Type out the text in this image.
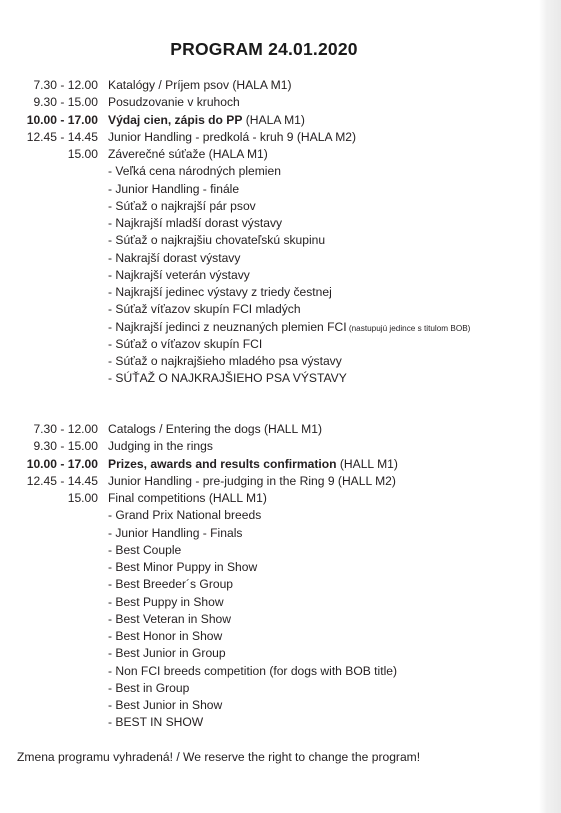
PROGRAM 24.01.2020
7.30 - 12.00 Katalógy / Príjem psov (HALA M1)
9.30 - 15.00 Posudzovanie v kruhoch
10.00 - 17.00 Výdaj cien, zápis do PP (HALA M1)
12.45 - 14.45 Junior Handling - predkolá - kruh 9 (HALA M2)
15.00 Záverečné súťaže (HALA M1)
- Veľká cena národných plemien
- Junior Handling - finále
- Súťaž o najkrajší pár psov
- Najkrajší mladší dorast výstavy
- Súťaž o najkrajšiu chovateľskú skupinu
- Nakrajší dorast výstavy
- Najkrajší veterán výstavy
- Najkrajší jedinec výstavy z triedy čestnej
- Súťaž víťazov skupín FCI mladých
- Najkrajší jedinci z neuznaných plemien FCI (nastupujú jedince s titulom BOB)
- Súťaž o víťazov skupín FCI
- Súťaž o najkrajšieho mladého psa výstavy
- SÚŤAŽ O NAJKRAJŠIEHO PSA VÝSTAVY
7.30 - 12.00 Catalogs / Entering the dogs (HALL M1)
9.30 - 15.00 Judging in the rings
10.00 - 17.00 Prizes, awards and results confirmation (HALL M1)
12.45 - 14.45 Junior Handling - pre-judging in the Ring 9 (HALL M2)
15.00 Final competitions (HALL M1)
- Grand Prix National breeds
- Junior Handling - Finals
- Best Couple
- Best Minor Puppy in Show
- Best Breeder´s Group
- Best Puppy in Show
- Best Veteran in Show
- Best Honor in Show
- Best Junior in Group
- Non FCI breeds competition (for dogs with BOB title)
- Best in Group
- Best Junior in Show
- BEST IN SHOW
Zmena programu vyhradená! / We reserve the right to change the program!
